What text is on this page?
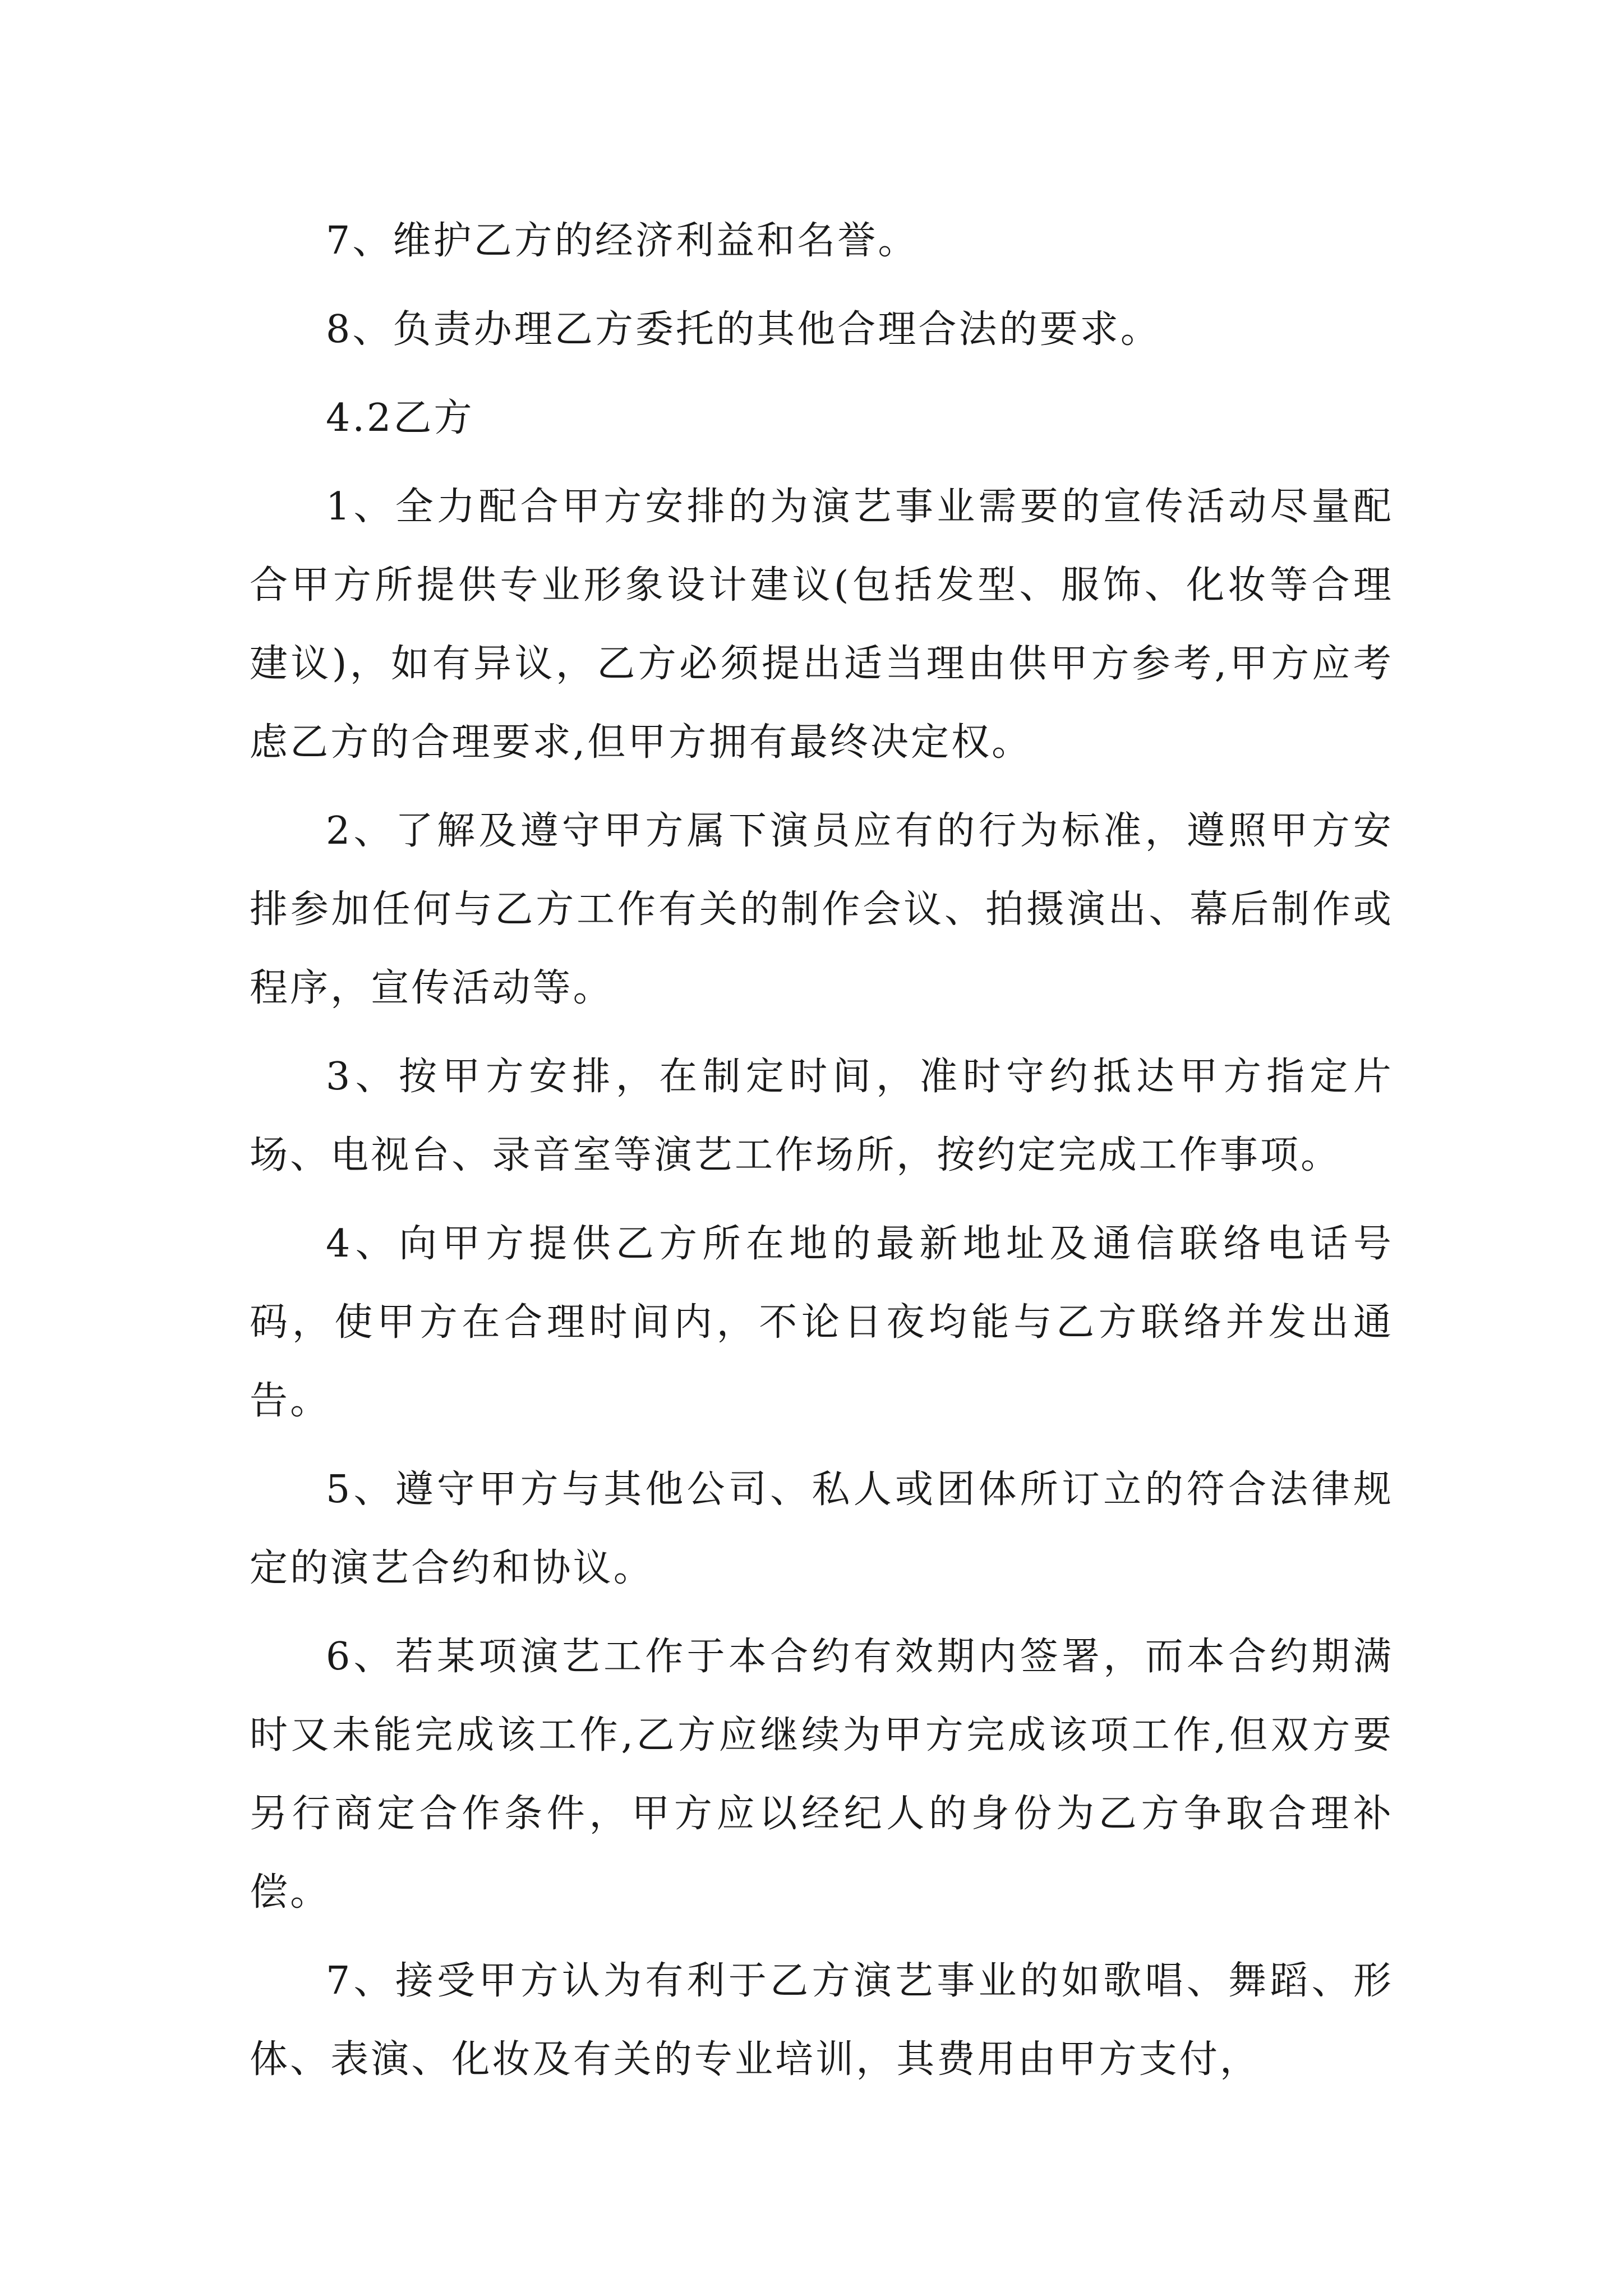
7、维护乙方的经济利益和名誉。

8、负责办理乙方委托的其他合理合法的要求。

4.2乙方

1、全力配合甲方安排的为演艺事业需要的宣传活动尽量配合甲方所提供专业形象设计建议(包括发型、服饰、化妆等合理建议)，如有异议，乙方必须提出适当理由供甲方参考,甲方应考虑乙方的合理要求,但甲方拥有最终决定权。

2、了解及遵守甲方属下演员应有的行为标准，遵照甲方安排参加任何与乙方工作有关的制作会议、拍摄演出、幕后制作或程序，宣传活动等。

3、按甲方安排，在制定时间，准时守约抵达甲方指定片场、电视台、录音室等演艺工作场所，按约定完成工作事项。

4、向甲方提供乙方所在地的最新地址及通信联络电话号码，使甲方在合理时间内，不论日夜均能与乙方联络并发出通告。

5、遵守甲方与其他公司、私人或团体所订立的符合法律规定的演艺合约和协议。

6、若某项演艺工作于本合约有效期内签署，而本合约期满时又未能完成该工作,乙方应继续为甲方完成该项工作,但双方要另行商定合作条件，甲方应以经纪人的身份为乙方争取合理补偿。

7、接受甲方认为有利于乙方演艺事业的如歌唱、舞蹈、形体、表演、化妆及有关的专业培训，其费用由甲方支付，
